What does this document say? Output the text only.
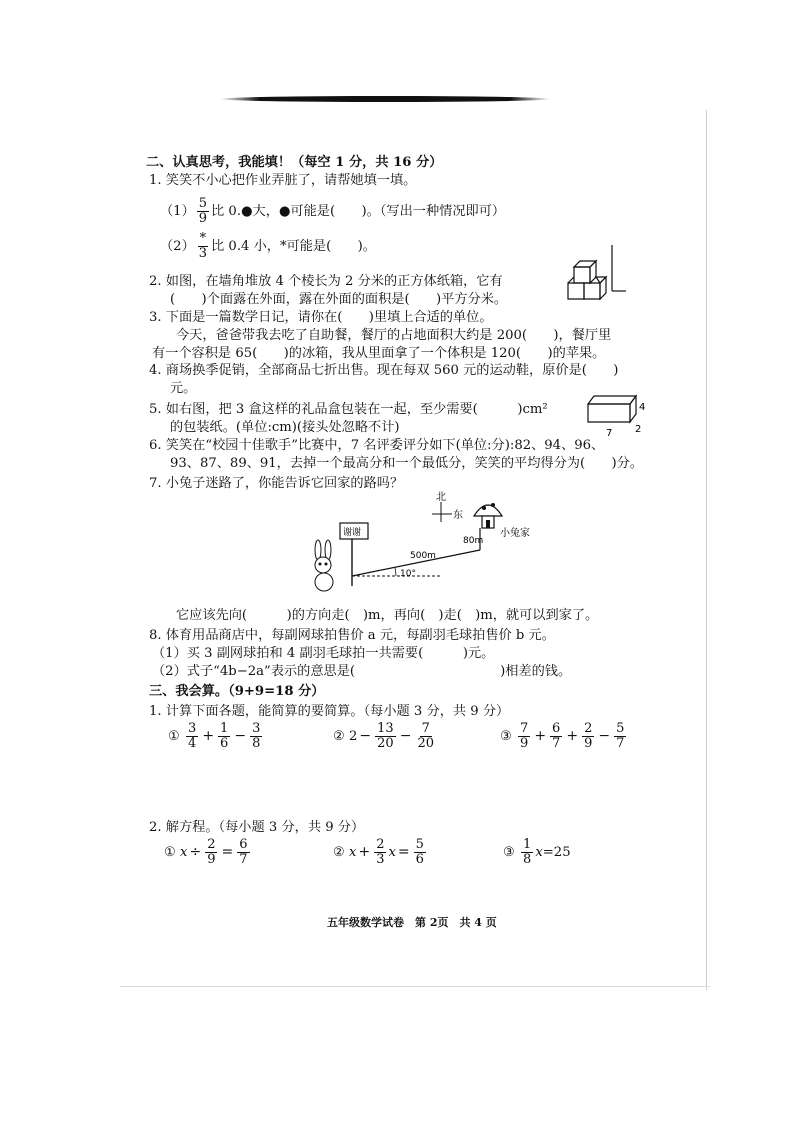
二、认真思考，我能填！（每空 1 分，共 16 分）
1. 笑笑不小心把作业弄脏了，请帮她填一填。
$(1) \frac{5}{9}$ 比 0.●大，●可能是(　　)。（写出一种情况即可）
$(2) \frac{*}{3}$ 比 0.4 小，*可能是(　　)。
2. 如图，在墙角堆放 4 个棱长为 2 分米的正方体纸箱，它有
(　　)个面露在外面，露在外面的面积是(　　)平方分米。
3. 下面是一篇数学日记，请你在(　　)里填上合适的单位。
今天，爸爸带我去吃了自助餐，餐厅的占地面积大约是 200(　　)，餐厅里
有一个容积是 65(　　)的冰箱，我从里面拿了一个体积是 120(　　)的苹果。
4. 商场换季促销，全部商品七折出售。现在每双 560 元的运动鞋，原价是(　　)
元。
5. 如右图，把 3 盒这样的礼品盒包装在一起，至少需要(　　　)cm²
的包装纸。(单位:cm)(接头处忽略不计)
4
7 2
6. 笑笑在“校园十佳歌手”比赛中，7 名评委评分如下(单位:分):82、94、96、
93、87、89、91，去掉一个最高分和一个最低分，笑笑的平均得分为(　　)分。
7. 小兔子迷路了，你能告诉它回家的路吗？
北
东
小兔家
谢谢
10°
500m
80m
它应该先向(　　　)的方向走(　)m，再向(　)走(　)m，就可以到家了。
8. 体育用品商店中，每副网球拍售价 a 元，每副羽毛球拍售价 b 元。
（1）买 3 副网球拍和 4 副羽毛球拍一共需要(　　　)元。
（2）式子“4b−2a”表示的意思是(　　　　　　　　　　　)相差的钱。
三、我会算。（9+9=18 分）
1. 计算下面各题，能简算的要简算。（每小题 3 分，共 9 分）
① $\frac{3}{4} + \frac{1}{6} - \frac{3}{8}$	② $2 - \frac{13}{20} - \frac{7}{20}$	③ $\frac{7}{9} + \frac{6}{7} + \frac{2}{9} - \frac{5}{7}$
2. 解方程。（每小题 3 分，共 9 分）
① $x \div \frac{2}{9} = \frac{6}{7}$	② $x + \frac{2}{3}$ $x = \frac{5}{6}$	③ $\frac{1}{8} x=25$
五年级数学试卷　第 2页　共 4 页
